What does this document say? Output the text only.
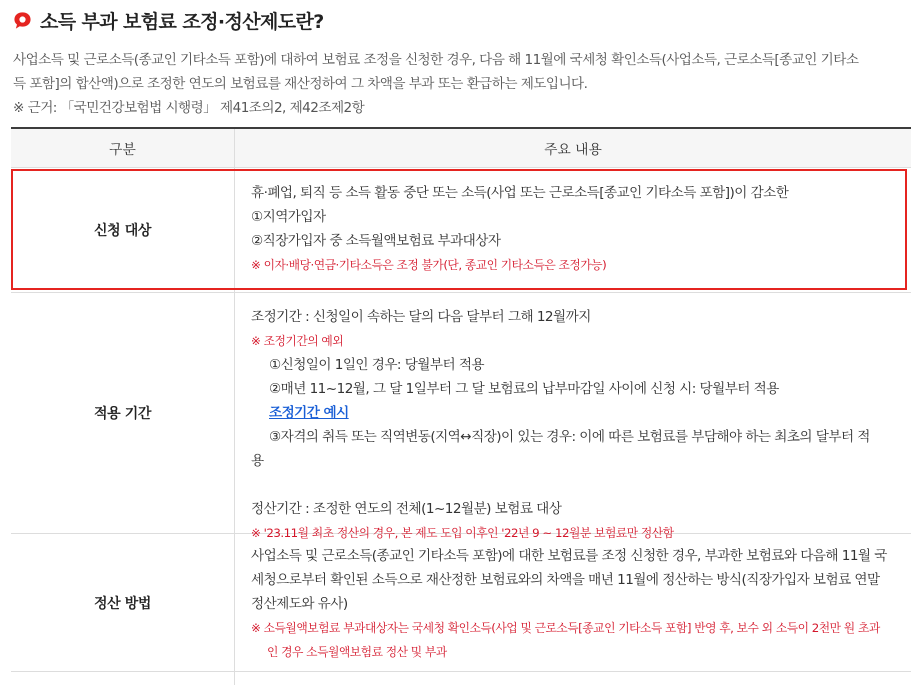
소득 부과 보험료 조정·정산제도란?

사업소득 및 근로소득(종교인 기타소득 포함)에 대하여 보험료 조정을 신청한 경우, 다음 해 11월에 국세청 확인소득(사업소득, 근로소득[종교인 기타소

득 포함]의 합산액)으로 조정한 연도의 보험료를 재산정하여 그 차액을 부과 또는 환급하는 제도입니다.

※ 근거: 「국민건강보험법 시행령」 제41조의2, 제42조제2항

구분	주요 내용
신청 대상
휴·폐업, 퇴직 등 소득 활동 중단 또는 소득(사업 또는 근로소득[종교인 기타소득 포함])이 감소한
①지역가입자
②직장가입자 중 소득월액보험료 부과대상자
※ 이자·배당·연금·기타소득은 조정 불가(단, 종교인 기타소득은 조정가능)
적용 기간
조정기간 : 신청일이 속하는 달의 다음 달부터 그해 12월까지
※ 조정기간의 예외
①신청일이 1일인 경우: 당월부터 적용
②매년 11~12월, 그 달 1일부터 그 달 보험료의 납부마감일 사이에 신청 시: 당월부터 적용
조정기간 예시
③자격의 취득 또는 직역변동(지역↔직장)이 있는 경우: 이에 따른 보험료를 부담해야 하는 최초의 달부터 적
용
정산기간 : 조정한 연도의 전체(1~12월분) 보험료 대상
※ '23.11월 최초 정산의 경우, 본 제도 도입 이후인 '22년 9 ~ 12월분 보험료만 정산함
정산 방법
사업소득 및 근로소득(종교인 기타소득 포함)에 대한 보험료를 조정 신청한 경우, 부과한 보험료와 다음해 11월 국
세청으로부터 확인된 소득으로 재산정한 보험료와의 차액을 매년 11월에 정산하는 방식(직장가입자 보험료 연말
정산제도와 유사)
※ 소득월액보험료 부과대상자는 국세청 확인소득(사업 및 근로소득[종교인 기타소득 포함] 반영 후, 보수 외 소득이 2천만 원 초과
인 경우 소득월액보험료 정산 및 부과
